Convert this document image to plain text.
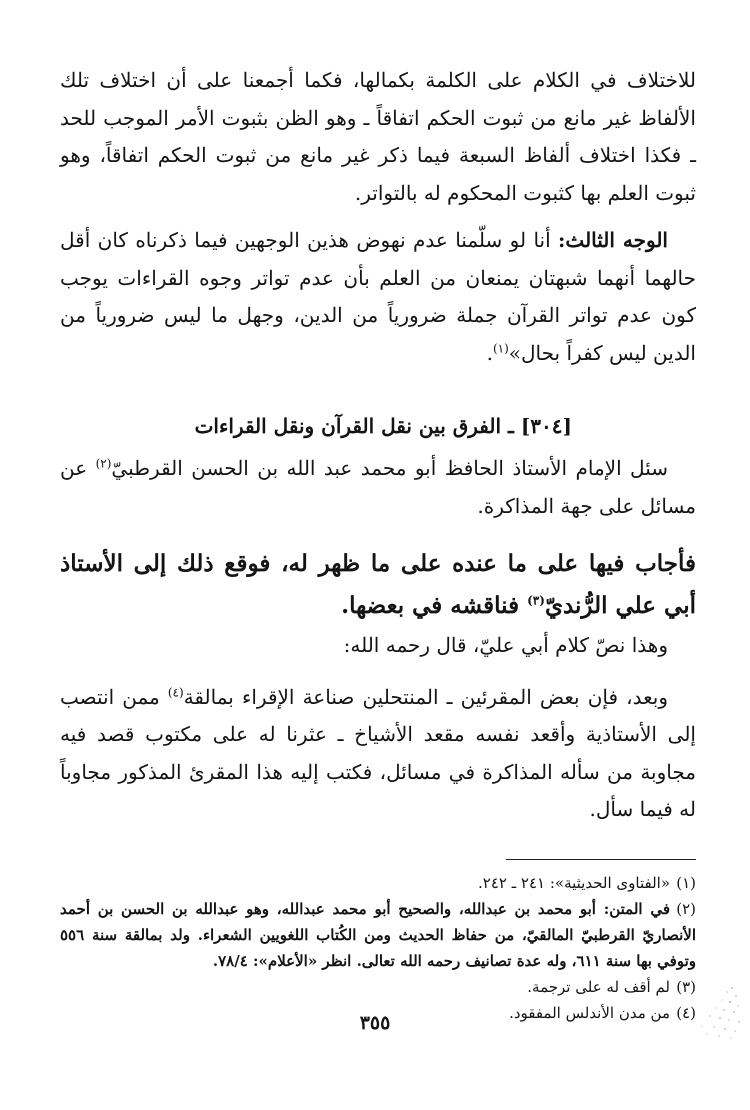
للاختلاف في الكلام على الكلمة بكمالها، فكما أجمعنا على أن اختلاف تلك الألفاظ غير مانع من ثبوت الحكم اتفاقاً ـ وهو الظن بثبوت الأمر الموجب للحد ـ فكذا اختلاف ألفاظ السبعة فيما ذكر غير مانع من ثبوت الحكم اتفاقاً، وهو ثبوت العلم بها كثبوت المحكوم له بالتواتر.

الوجه الثالث: أنا لو سلّمنا عدم نهوض هذين الوجهين فيما ذكرناه كان أقل حالهما أنهما شبهتان يمنعان من العلم بأن عدم تواتر وجوه القراءات يوجب كون عدم تواتر القرآن جملة ضرورياً من الدين، وجهل ما ليس ضرورياً من الدين ليس كفراً بحال»$^{(١)}$.

[٣٠٤] ـ الفرق بين نقل القرآن ونقل القراءات

سئل الإمام الأستاذ الحافظ أبو محمد عبد الله بن الحسن القرطبيّ$^{(٢)}$ عن مسائل على جهة المذاكرة.

فأجاب فيها على ما عنده على ما ظهر له، فوقع ذلك إلى الأستاذ أبي علي الرُّنديّ$^{(٣)}$ فناقشه في بعضها.

وهذا نصّ كلام أبي عليّ، قال رحمه الله:

وبعد، فإن بعض المقرئين ـ المنتحلين صناعة الإقراء بمالقة$^{(٤)}$ ممن انتصب إلى الأستاذية وأقعد نفسه مقعد الأشياخ ـ عثرنا له على مكتوب قصد فيه مجاوبة من سأله المذاكرة في مسائل، فكتب إليه هذا المقرئ المذكور مجاوباً له فيما سأل.

(١)«الفتاوى الحديثية»: ٢٤١ ـ ٢٤٢.

(٢)في المتن: أبو محمد بن عبدالله، والصحيح أبو محمد عبدالله، وهو عبدالله بن الحسن بن أحمد الأنصاريّ القرطبيّ المالقيّ، من حفاظ الحديث ومن الكُتاب اللغويين الشعراء. ولد بمالقة سنة ٥٥٦ وتوفي بها سنة ٦١١، وله عدة تصانيف رحمه الله تعالى. انظر «الأعلام»: ٧٨/٤.

(٣)لم أقف له على ترجمة.

(٤)من مدن الأندلس المفقود.

٣٥٥
